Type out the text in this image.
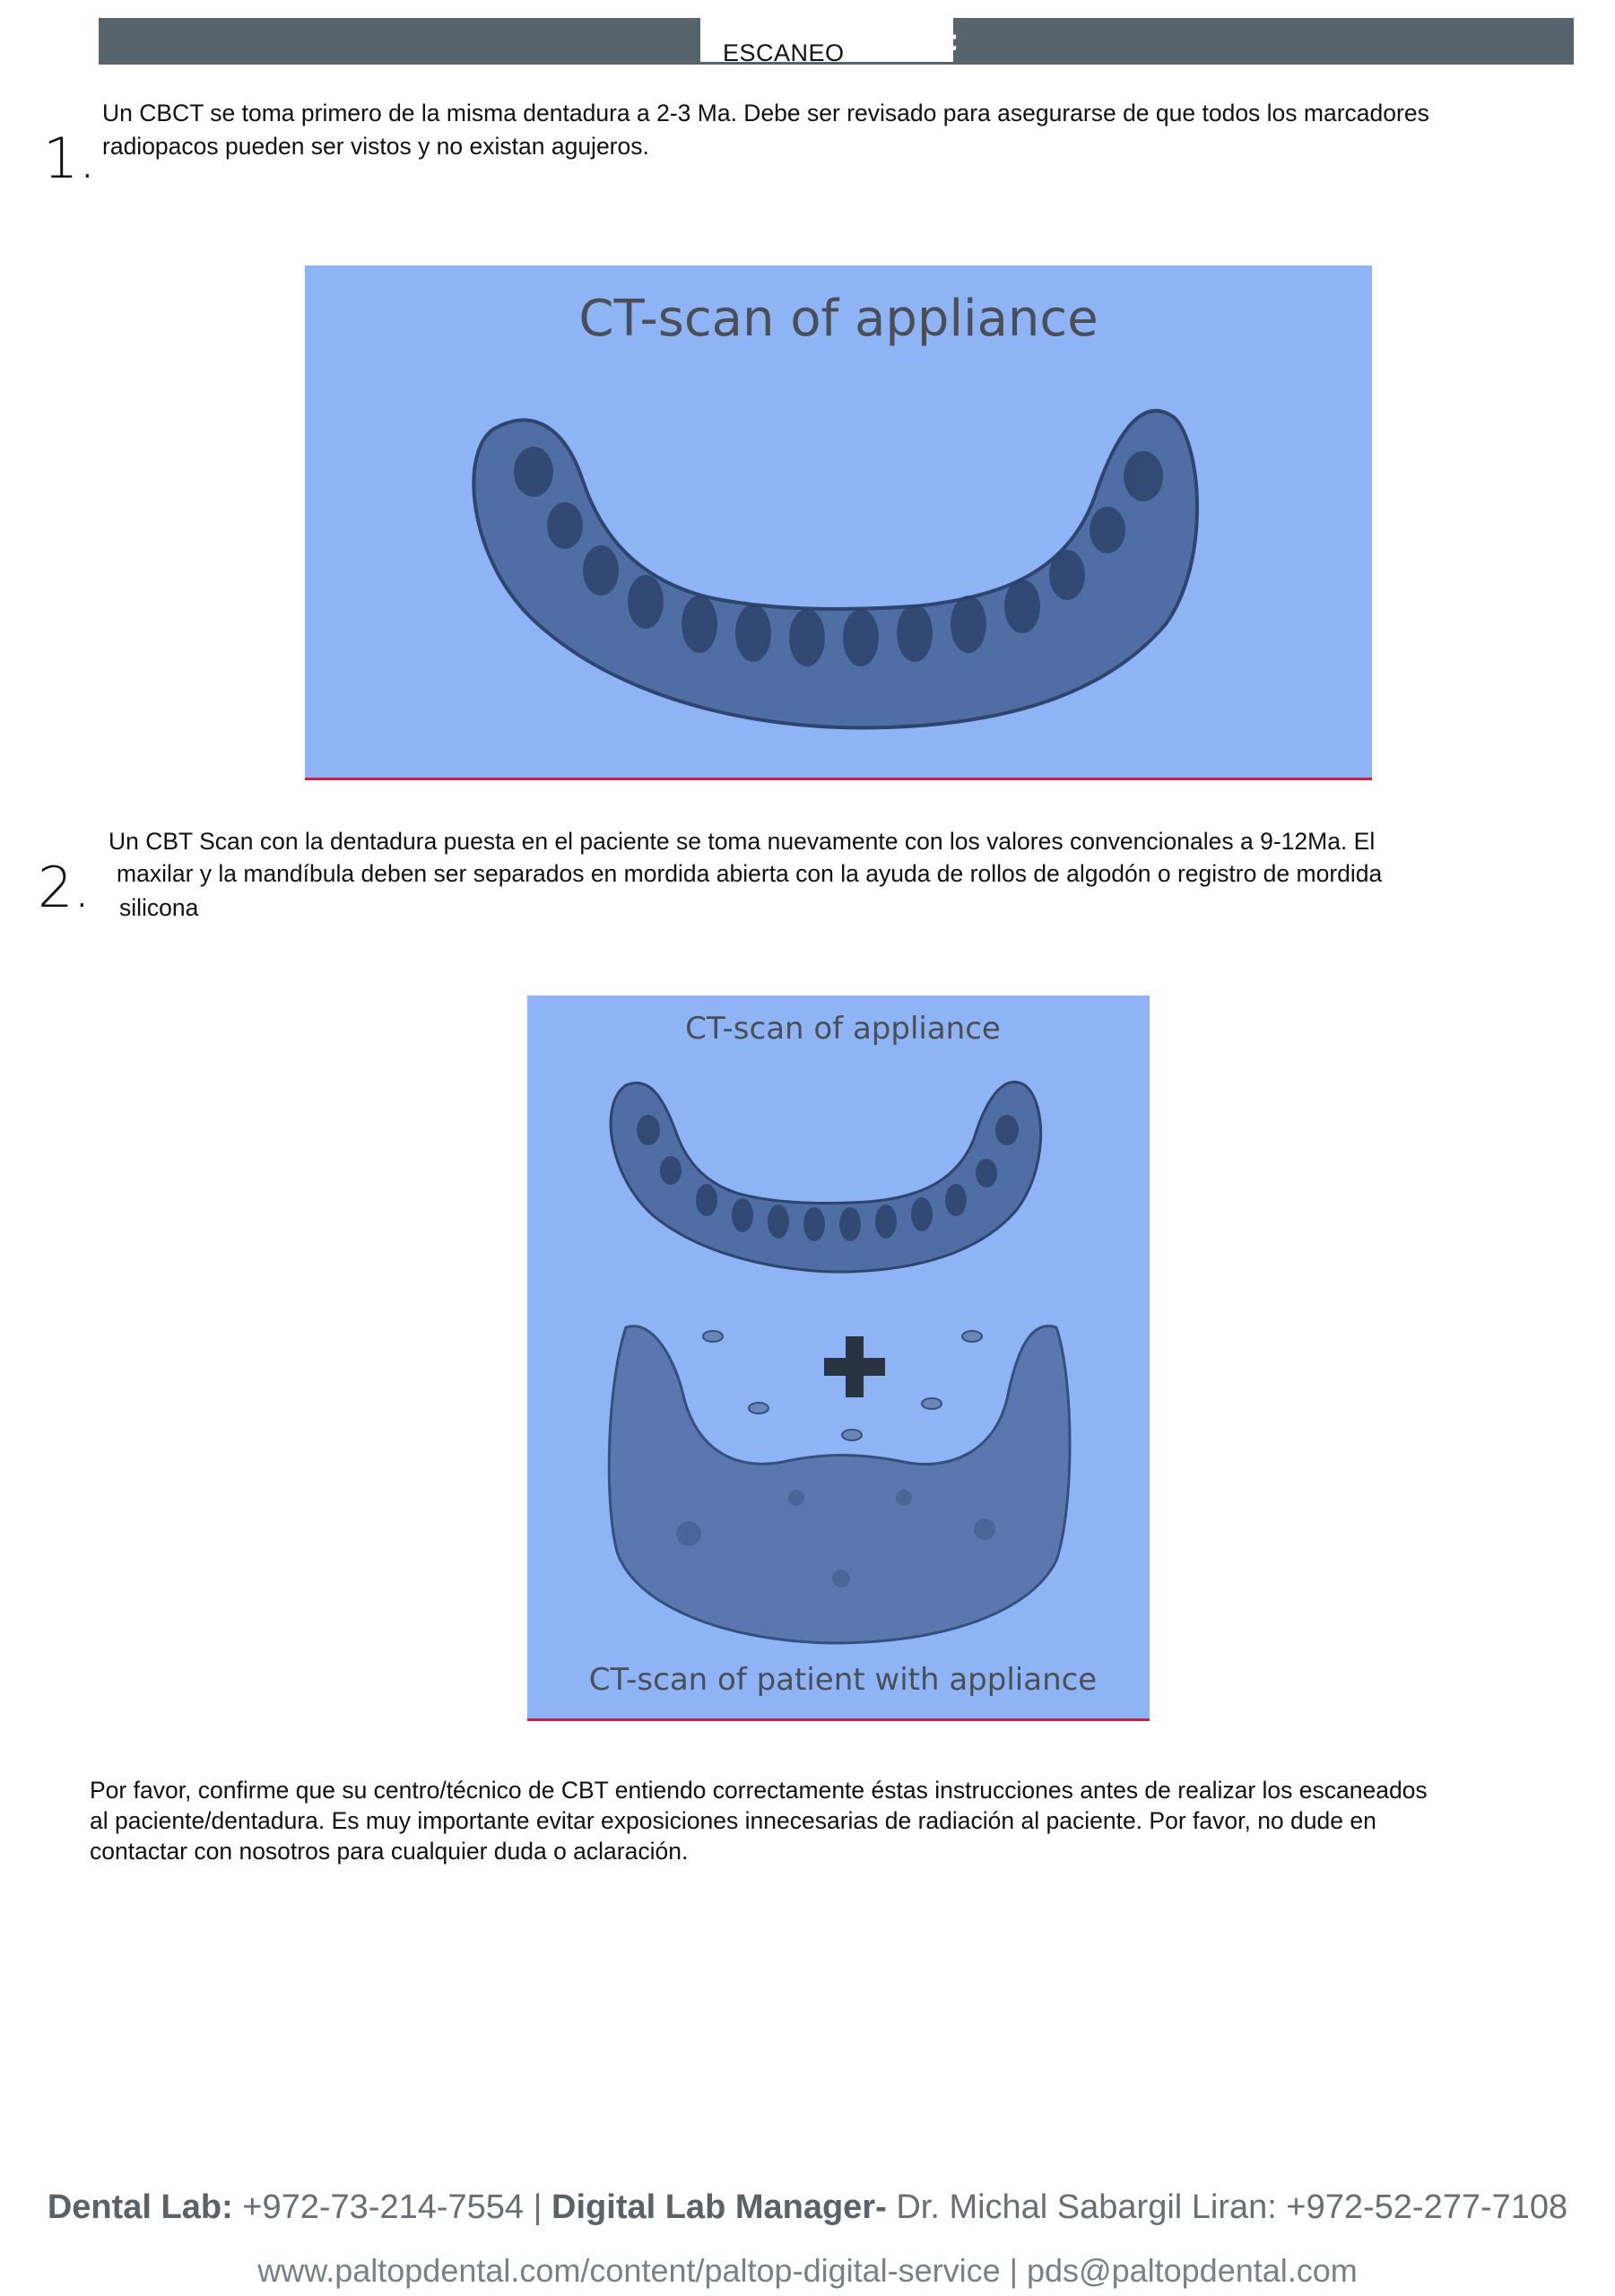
ESCANEO	:
1.
Un CBCT se toma primero de la misma dentadura a 2-3 Ma. Debe ser revisado para asegurarse de que todos los marcadores
radiopacos pueden ser vistos y no existan agujeros.
CT-scan of appliance
2.
Un CBT Scan con la dentadura puesta en el paciente se toma nuevamente con los valores convencionales a 9-12Ma. El
maxilar y la mandíbula deben ser separados en mordida abierta con la ayuda de rollos de algodón o registro de mordida
silicona
CT-scan of appliance
CT-scan of patient with appliance
Por favor, confirme que su centro/técnico de CBT entiendo correctamente éstas instrucciones antes de realizar los escaneados
al paciente/dentadura. Es muy importante evitar exposiciones innecesarias de radiación al paciente. Por favor, no dude en
contactar con nosotros para cualquier duda o aclaración.
Dental Lab: +972-73-214-7554 | Digital Lab Manager- Dr. Michal Sabargil Liran: +972-52-277-7108
www.paltopdental.com/content/paltop-digital-service | pds@paltopdental.com
